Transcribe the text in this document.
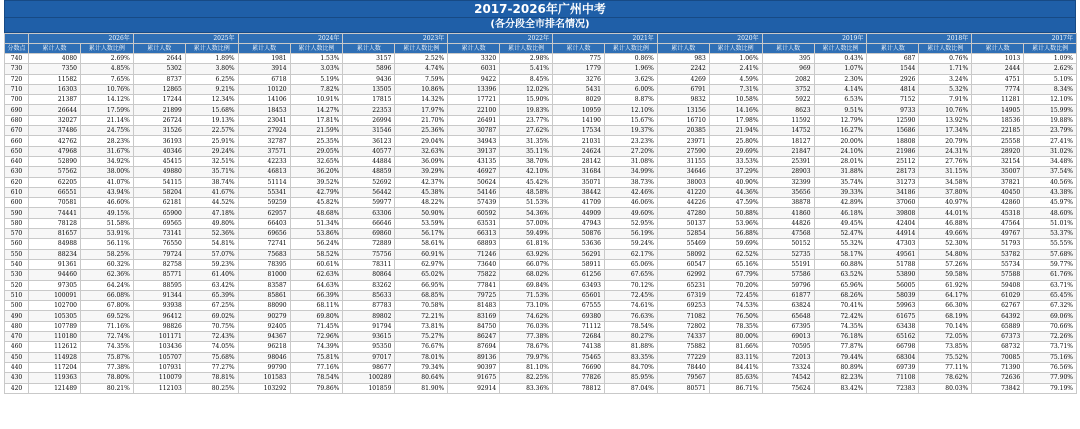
2017-2026年广州中考
(各分段全市排名情况)
	2026年		2025年		2024年		2023年		2022年		2021年		2020年		2019年		2018年		2017年	
分数点	累计人数	累计人数比例	累计人数	累计人数比例	累计人数	累计人数比例	累计人数	累计人数比例	累计人数	累计人数比例	累计人数	累计人数比例	累计人数	累计人数比例	累计人数	累计人数比例	累计人数	累计人数比例	累计人数	累计人数比例
740	4080	2.69%	2644	1.89%	1981	1.53%	3157	2.52%	3320	2.98%	775	0.86%	983	1.06%	395	0.43%	687	0.76%	1013	1.09%
730	7350	4.85%	5302	3.80%	3914	3.03%	5896	4.74%	6031	5.41%	1779	1.96%	2242	2.41%	969	1.07%	1544	1.71%	2444	2.62%
720	11582	7.65%	8737	6.25%	6718	5.19%	9436	7.59%	9422	8.45%	3276	3.62%	4269	4.59%	2082	2.30%	2926	3.24%	4751	5.10%
710	16303	10.76%	12865	9.21%	10120	7.82%	13505	10.86%	13396	12.02%	5431	6.00%	6791	7.31%	3752	4.14%	4814	5.32%	7774	8.34%
700	21387	14.12%	17244	12.34%	14106	10.91%	17815	14.32%	17721	15.90%	8029	8.87%	9832	10.58%	5922	6.53%	7152	7.91%	11281	12.10%
690	26644	17.59%	21899	15.68%	18453	14.27%	22353	17.97%	22100	19.83%	10959	12.10%	13156	14.16%	8623	9.51%	9733	10.76%	14905	15.99%
680	32027	21.14%	26724	19.13%	23041	17.81%	26994	21.70%	26491	23.77%	14190	15.67%	16710	17.98%	11592	12.79%	12590	13.92%	18536	19.88%
670	37486	24.75%	31526	22.57%	27924	21.59%	31546	25.36%	30787	27.62%	17534	19.37%	20385	21.94%	14752	16.27%	15686	17.34%	22185	23.79%
660	42762	28.23%	36193	25.91%	32787	25.35%	36123	29.04%	34943	31.35%	21031	23.23%	23971	25.80%	18127	20.00%	18808	20.79%	25558	27.41%
650	47968	31.67%	40346	29.24%	37571	29.05%	40577	32.63%	39137	35.11%	24624	27.20%	27590	29.69%	21847	24.10%	21986	24.31%	28920	31.02%
640	52890	34.92%	45415	32.51%	42233	32.65%	44884	36.09%	43135	38.70%	28142	31.08%	31155	33.53%	25391	28.01%	25112	27.76%	32154	34.48%
630	57562	38.00%	49880	35.71%	46813	36.20%	48859	39.29%	46927	42.10%	31684	34.99%	34646	37.29%	28903	31.88%	28173	31.15%	35007	37.54%
620	62205	41.07%	54115	38.74%	51114	39.52%	52692	42.37%	50624	45.42%	35071	38.73%	38003	40.90%	32399	35.74%	31273	34.58%	37821	40.56%
610	66551	43.94%	58204	41.67%	55341	42.79%	56442	45.38%	54146	48.58%	38442	42.46%	41220	44.36%	35656	39.33%	34186	37.80%	40450	43.38%
600	70581	46.60%	62181	44.52%	59259	45.82%	59977	48.22%	57439	51.53%	41709	46.06%	44226	47.59%	38878	42.89%	37060	40.97%	42860	45.97%
590	74441	49.15%	65900	47.18%	62957	48.68%	63306	50.90%	60592	54.36%	44909	49.60%	47280	50.88%	41860	46.18%	39808	44.01%	45318	48.60%
580	78128	51.58%	69565	49.80%	66403	51.34%	66646	53.59%	63531	57.00%	47943	52.95%	50137	53.96%	44826	49.45%	42404	46.88%	47564	51.01%
570	81657	53.91%	73141	52.36%	69656	53.86%	69860	56.17%	66313	59.49%	50876	56.19%	52854	56.88%	47568	52.47%	44914	49.66%	49767	53.37%
560	84988	56.11%	76550	54.81%	72741	56.24%	72889	58.61%	68893	61.81%	53636	59.24%	55469	59.69%	50152	55.32%	47303	52.30%	51793	55.55%
550	88234	58.25%	79724	57.07%	75683	58.52%	75756	60.91%	71246	63.92%	56291	62.17%	58092	62.52%	52735	58.17%	49561	54.80%	53782	57.68%
540	91361	60.32%	82758	59.23%	78395	60.61%	78311	62.97%	73640	66.07%	58911	65.06%	60547	65.16%	55191	60.88%	51788	57.26%	55734	59.77%
530	94460	62.36%	85771	61.40%	81000	62.63%	80864	65.02%	75822	68.02%	61256	67.65%	62992	67.79%	57586	63.52%	53890	59.58%	57588	61.76%
520	97305	64.24%	88595	63.42%	83587	64.63%	83262	66.95%	77841	69.84%	63493	70.12%	65231	70.20%	59796	65.96%	56005	61.92%	59408	63.71%
510	100091	66.08%	91344	65.39%	85861	66.39%	85633	68.85%	79725	71.53%	65601	72.45%	67319	72.45%	61877	68.26%	58039	64.17%	61029	65.45%
500	102700	67.80%	93938	67.25%	88090	68.11%	87783	70.58%	81483	73.10%	67555	74.61%	69253	74.53%	63824	70.41%	59963	66.30%	62767	67.32%
490	105305	69.52%	96412	69.02%	90279	69.80%	89802	72.21%	83169	74.62%	69380	76.63%	71082	76.50%	65648	72.42%	61675	68.19%	64392	69.06%
480	107789	71.16%	98826	70.75%	92405	71.45%	91794	73.81%	84750	76.03%	71112	78.54%	72802	78.35%	67395	74.35%	63438	70.14%	65889	70.66%
470	110180	72.74%	101171	72.43%	94367	72.96%	93615	75.27%	86247	77.38%	72684	80.27%	74337	80.00%	69013	76.18%	65162	72.05%	67373	72.26%
460	112612	74.35%	103436	74.05%	96218	74.39%	95350	76.67%	87694	78.67%	74138	81.88%	75882	81.66%	70595	77.87%	66798	73.85%	68732	73.71%
450	114928	75.87%	105707	75.68%	98046	75.81%	97017	78.01%	89136	79.97%	75465	83.35%	77229	83.11%	72013	79.44%	68304	75.52%	70085	75.16%
440	117204	77.38%	107931	77.27%	99790	77.16%	98677	79.34%	90397	81.10%	76690	84.70%	78440	84.41%	73324	80.89%	69739	77.11%	71390	76.56%
430	119363	78.80%	110079	78.81%	101583	78.54%	100289	80.64%	91675	82.25%	77826	85.95%	79567	85.63%	74542	82.23%	71108	78.62%	72636	77.90%
420	121489	80.21%	112103	80.25%	103292	79.86%	101859	81.90%	92914	83.36%	78812	87.04%	80571	86.71%	75624	83.42%	72383	80.03%	73842	79.19%
